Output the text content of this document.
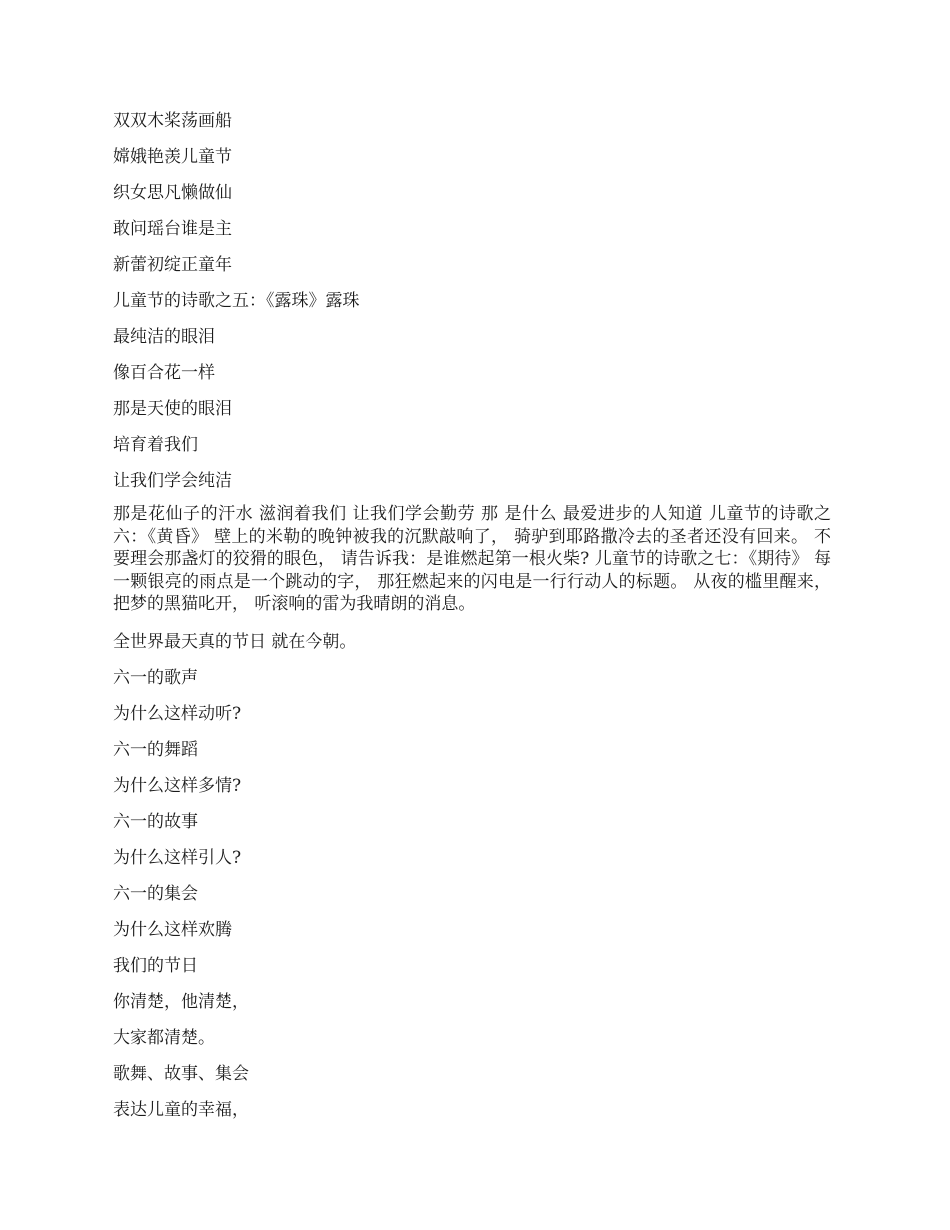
双双木桨荡画船
嫦娥艳羡儿童节
织女思凡懒做仙
敢问瑶台谁是主
新蕾初绽正童年
儿童节的诗歌之五：《露珠》露珠
最纯洁的眼泪
像百合花一样
那是天使的眼泪
培育着我们
让我们学会纯洁
那是花仙子的汗水 滋润着我们 让我们学会勤劳 那 是什么 最爱进步的人知道 儿童节的诗歌之六：《黄昏》 壁上的米勒的晚钟被我的沉默敲响了， 骑驴到耶路撒冷去的圣者还没有回来。 不要理会那盏灯的狡猾的眼色， 请告诉我：是谁燃起第一根火柴? 儿童节的诗歌之七：《期待》 每一颗银亮的雨点是一个跳动的字， 那狂燃起来的闪电是一行行动人的标题。 从夜的槛里醒来，把梦的黑猫叱开， 听滚响的雷为我晴朗的消息。
全世界最天真的节日 就在今朝。
六一的歌声
为什么这样动听?
六一的舞蹈
为什么这样多情?
六一的故事
为什么这样引人?
六一的集会
为什么这样欢腾
我们的节日
你清楚，他清楚，
大家都清楚。
歌舞、故事、集会
表达儿童的幸福，
